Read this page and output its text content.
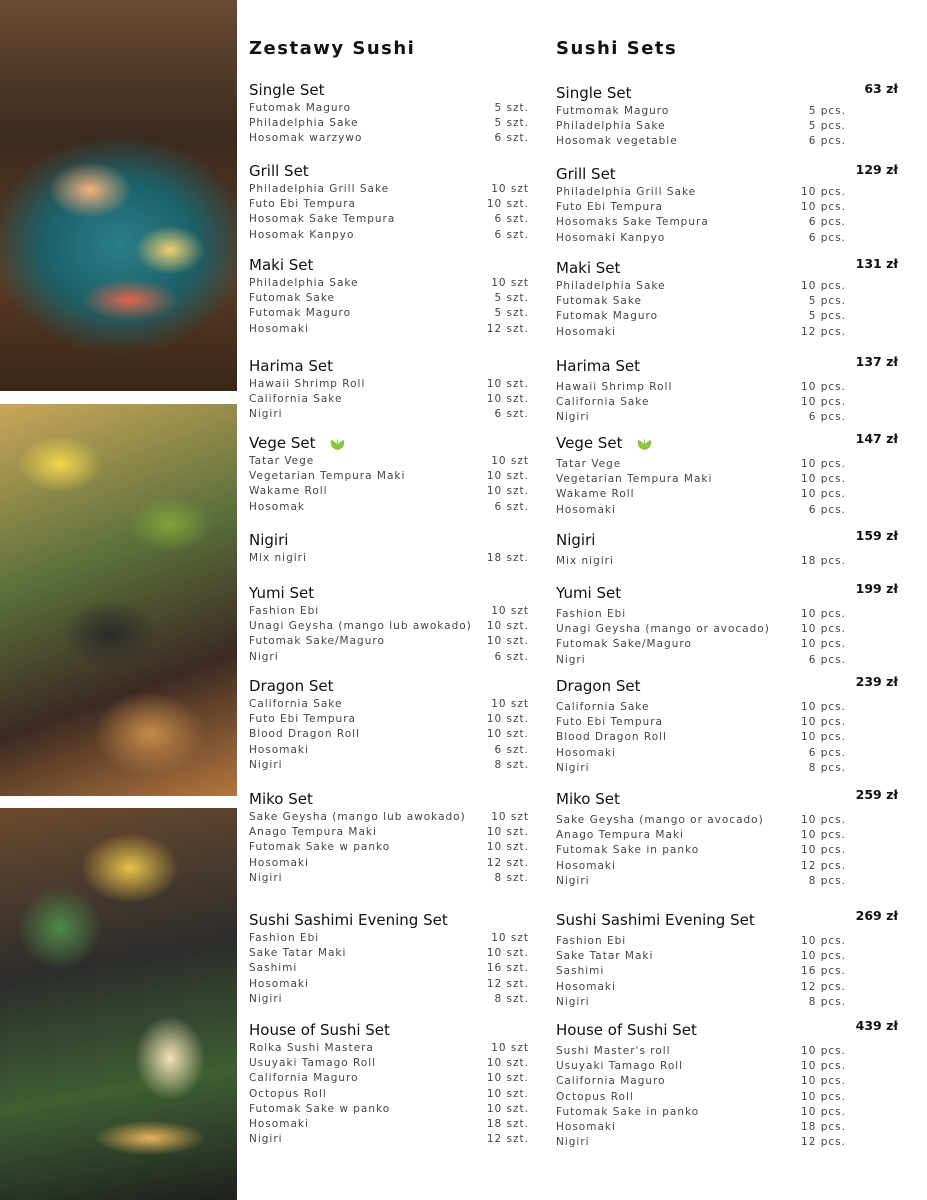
Zestawy Sushi	Sushi Sets
Single Set
Futomak Maguro	5 szt.
Philadelphia Sake	5 szt.
Hosomak warzywo	6 szt.
Grill Set
Philadelphia Grill Sake	10 szt
Futo Ebi Tempura	10 szt.
Hosomak Sake Tempura	6 szt.
Hosomak Kanpyo	6 szt.
Maki Set
Philadelphia Sake	10 szt
Futomak Sake	5 szt.
Futomak Maguro	5 szt.
Hosomaki	12 szt.
Harima Set
Hawaii Shrimp Roll	10 szt.
California Sake	10 szt.
Nigiri	6 szt.
Vege Set
Tatar Vege	10 szt
Vegetarian Tempura Maki	10 szt.
Wakame Roll	10 szt.
Hosomak	6 szt.
Nigiri
Mix nigiri	18 szt.
Yumi Set
Fashion Ebi	10 szt
Unagi Geysha (mango lub awokado) 10 szt.
Futomak Sake/Maguro	10 szt.
Nigri	6 szt.
Dragon Set
California Sake	10 szt
Futo Ebi Tempura	10 szt.
Blood Dragon Roll	10 szt.
Hosomaki	6 szt.
Nigiri	8 szt.
Miko Set
Sake Geysha (mango lub awokado) 10 szt
Anago Tempura Maki	10 szt.
Futomak Sake w panko	10 szt.
Hosomaki	12 szt.
Nigiri	8 szt.
Sushi Sashimi Evening Set
Fashion Ebi	10 szt
Sake Tatar Maki	10 szt.
Sashimi	16 szt.
Hosomaki	12 szt.
Nigiri	8 szt.
House of Sushi Set
Rolka Sushi Mastera	10 szt
Usuyaki Tamago Roll	10 szt.
California Maguro	10 szt.
Octopus Roll	10 szt.
Futomak Sake w panko	10 szt.
Hosomaki	18 szt.
Nigiri	12 szt.
Single Set
Futmomak Maguro	5 pcs.
Philadelphia Sake	5 pcs.
Hosomak vegetable	6 pcs.
63 zł
Grill Set
Philadelphia Grill Sake	10 pcs.
Futo Ebi Tempura	10 pcs.
Hosomaks Sake Tempura	6 pcs.
Hosomaki Kanpyo	6 pcs.
129 zł
Maki Set
Philadelphia Sake	10 pcs.
Futomak Sake	5 pcs.
Futomak Maguro	5 pcs.
Hosomaki	12 pcs.
131 zł
Harima Set
Hawaii Shrimp Roll	10 pcs.
California Sake	10 pcs.
Nigiri	6 pcs.
137 zł
Vege Set
Tatar Vege	10 pcs.
Vegetarian Tempura Maki	10 pcs.
Wakame Roll	10 pcs.
Hosomaki	6 pcs.
147 zł
Nigiri
Mix nigiri	18 pcs.
159 zł
Yumi Set
Fashion Ebi	10 pcs.
Unagi Geysha (mango or avocado)	10 pcs.
Futomak Sake/Maguro	10 pcs.
Nigri	6 pcs.
199 zł
Dragon Set
California Sake	10 pcs.
Futo Ebi Tempura	10 pcs.
Blood Dragon Roll	10 pcs.
Hosomaki	6 pcs.
Nigiri	8 pcs.
239 zł
Miko Set
Sake Geysha (mango or avocado)	10 pcs.
Anago Tempura Maki	10 pcs.
Futomak Sake in panko	10 pcs.
Hosomaki	12 pcs.
Nigiri	8 pcs.
259 zł
Sushi Sashimi Evening Set
Fashion Ebi	10 pcs.
Sake Tatar Maki	10 pcs.
Sashimi	16 pcs.
Hosomaki	12 pcs.
Nigiri	8 pcs.
269 zł
House of Sushi Set
Sushi Master's roll	10 pcs.
Usuyaki Tamago Roll	10 pcs.
California Maguro	10 pcs.
Octopus Roll	10 pcs.
Futomak Sake in panko	10 pcs.
Hosomaki	18 pcs.
Nigiri	12 pcs.
439 zł
